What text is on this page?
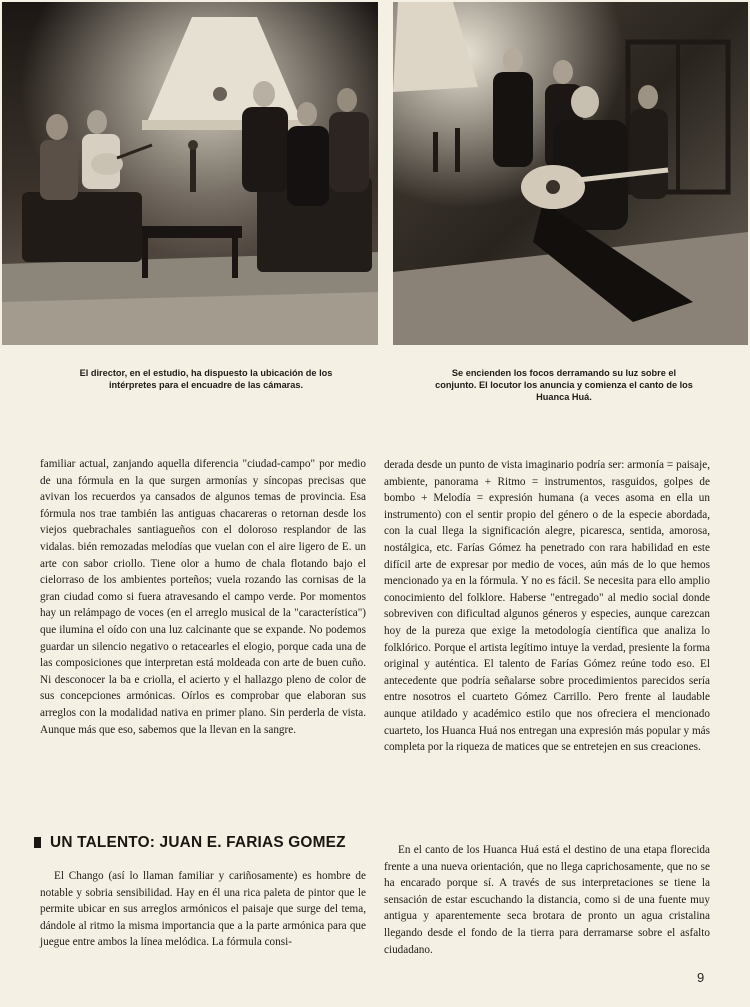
El director, en el estudio, ha dispuesto la ubicación de los intérpretes para el encuadre de las cámaras.

Se encienden los focos derramando su luz sobre el conjunto. El locutor los anuncia y comienza el canto de los Huanca Huá.

familiar actual, zanjando aquella diferencia "ciudad-campo" por medio de una fórmula en la que surgen armonías y síncopas precisas que avivan los recuerdos ya cansados de algunos temas de provincia. Esa fórmula nos trae también las antiguas chacareras o retornan desde los viejos quebrachales santiagueños con el doloroso resplandor de las vidalas. bién remozadas melodías que vuelan con el aire ligero de E. un arte con sabor criollo. Tiene olor a humo de chala flotando bajo el cielorraso de los ambientes porteños; vuela rozando las cornisas de la gran ciudad como si fuera atravesando el campo verde. Por momentos hay un relámpago de voces (en el arreglo musical de la "característica") que ilumina el oído con una luz calcinante que se expande. No podemos guardar un silencio negativo o retacearles el elogio, porque cada una de las composiciones que interpretan está moldeada con arte de buen cuño. Ni desconocer la ba e criolla, el acierto y el hallazgo pleno de color de sus concepciones armónicas. Oírlos es comprobar que elaboran sus arreglos con la modalidad nativa en primer plano. Sin perderla de vista. Aunque más que eso, sabemos que la llevan en la sangre.

UN TALENTO: JUAN E. FARIAS GOMEZ

El Chango (así lo llaman familiar y cariñosamente) es hombre de notable y sobria sensibilidad. Hay en él una rica paleta de pintor que le permite ubicar en sus arreglos armónicos el paisaje que surge del tema, dándole al ritmo la misma importancia que a la parte armónica para que juegue entre ambos la línea melódica. La fórmula consi-

derada desde un punto de vista imaginario podría ser: armonía = paisaje, ambiente, panorama + Ritmo = instrumentos, rasguidos, golpes de bombo + Melodía = expresión humana (a veces asoma en ella un instrumento) con el sentir propio del género o de la especie abordada, con la cual llega la significación alegre, picaresca, sentida, amorosa, nostálgica, etc. Farías Gómez ha penetrado con rara habilidad en este difícil arte de expresar por medio de voces, aún más de lo que hemos mencionado ya en la fórmula. Y no es fácil. Se necesita para ello amplio conocimiento del folklore. Haberse "entregado" al medio social donde sobreviven con dificultad algunos géneros y especies, aunque carezcan hoy de la pureza que exige la metodología científica que analiza lo folklórico. Porque el artista legítimo intuye la verdad, presiente la forma original y auténtica. El talento de Farías Gómez reúne todo eso. El antecedente que podría señalarse sobre procedimientos parecidos sería entre nosotros el cuarteto Gómez Carrillo. Pero frente al laudable aunque atildado y académico estilo que nos ofreciera el mencionado cuarteto, los Huanca Huá nos entregan una expresión más popular y más completa por la riqueza de matices que se entretejen en sus creaciones.

En el canto de los Huanca Huá está el destino de una etapa florecida frente a una nueva orientación, que no llega caprichosamente, que no se ha encarado porque sí. A través de sus interpretaciones se tiene la sensación de estar escuchando la distancia, como si de una fuente muy antigua y aparentemente seca brotara de pronto un agua cristalina llegando desde el fondo de la tierra para derramarse sobre el asfalto ciudadano.

9
